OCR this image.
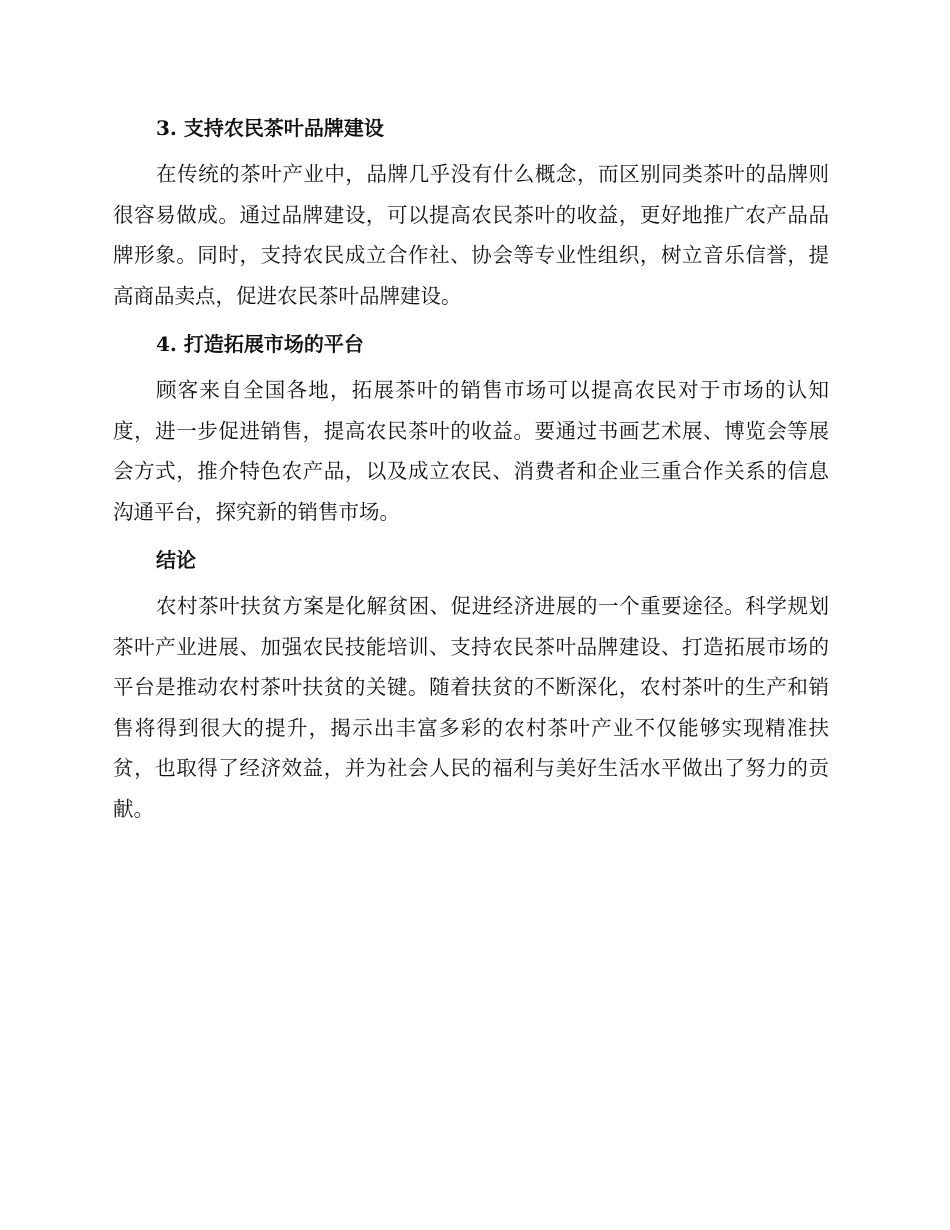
3. 支持农民茶叶品牌建设

在传统的茶叶产业中，品牌几乎没有什么概念，而区别同类茶叶的品牌则很容易做成。通过品牌建设，可以提高农民茶叶的收益，更好地推广农产品品牌形象。同时，支持农民成立合作社、协会等专业性组织，树立音乐信誉，提高商品卖点，促进农民茶叶品牌建设。

4. 打造拓展市场的平台

顾客来自全国各地，拓展茶叶的销售市场可以提高农民对于市场的认知度，进一步促进销售，提高农民茶叶的收益。要通过书画艺术展、博览会等展会方式，推介特色农产品，以及成立农民、消费者和企业三重合作关系的信息沟通平台，探究新的销售市场。

结论

农村茶叶扶贫方案是化解贫困、促进经济进展的一个重要途径。科学规划茶叶产业进展、加强农民技能培训、支持农民茶叶品牌建设、打造拓展市场的平台是推动农村茶叶扶贫的关键。随着扶贫的不断深化，农村茶叶的生产和销售将得到很大的提升，揭示出丰富多彩的农村茶叶产业不仅能够实现精准扶贫，也取得了经济效益，并为社会人民的福利与美好生活水平做出了努力的贡献。
